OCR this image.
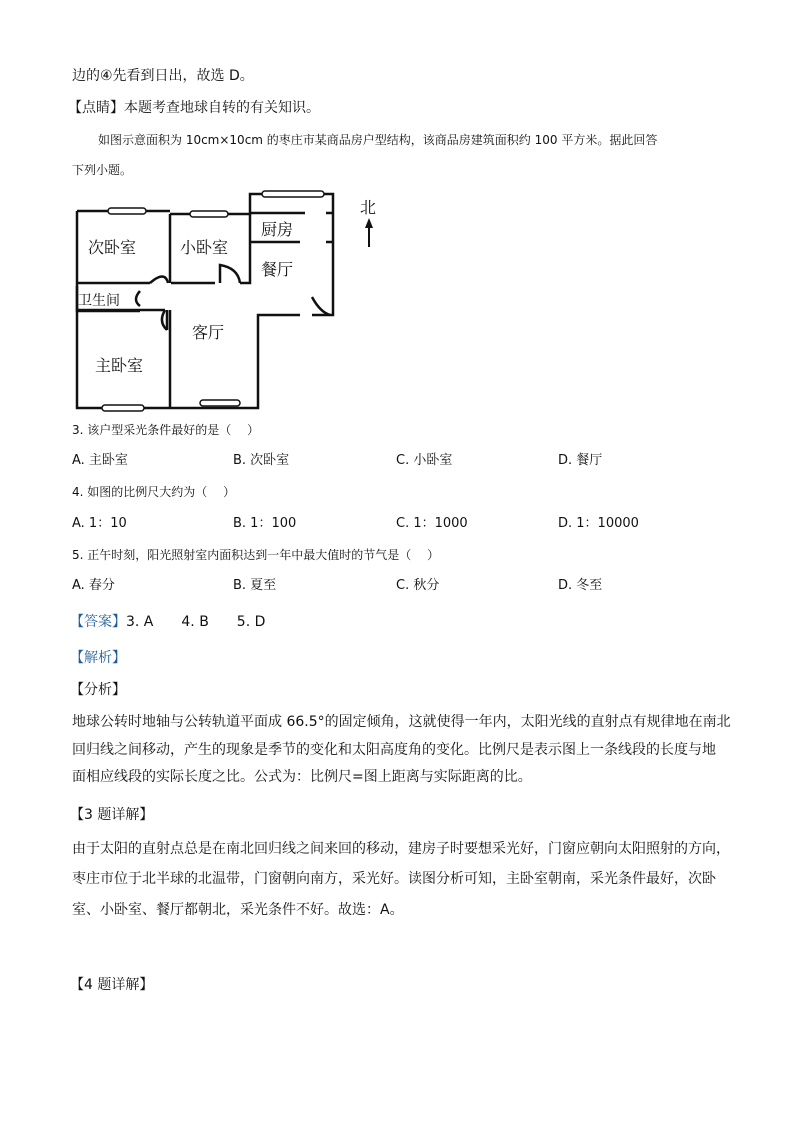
边的④先看到日出，故选 D。
【点睛】本题考查地球自转的有关知识。
如图示意面积为 10cm×10cm 的枣庄市某商品房户型结构，该商品房建筑面积约 100 平方米。据此回答
下列小题。
次卧室	小卧室
厨房
餐厅
卫生间
客厅
主卧室
北
3. 该户型采光条件最好的是（　 ）
A. 主卧室	B. 次卧室	C. 小卧室	D. 餐厅
4. 如图的比例尺大约为（　 ）
A. 1：10	B. 1：100	C. 1：1000	D. 1：10000
5. 正午时刻，阳光照射室内面积达到一年中最大值时的节气是（　 ）
A. 春分	B. 夏至	C. 秋分	D. 冬至
【答案】3. A　　4. B　　5. D
【解析】
【分析】
地球公转时地轴与公转轨道平面成 66.5°的固定倾角，这就使得一年内，太阳光线的直射点有规律地在南北
回归线之间移动，产生的现象是季节的变化和太阳高度角的变化。比例尺是表示图上一条线段的长度与地
面相应线段的实际长度之比。公式为：比例尺=图上距离与实际距离的比。
【3 题详解】
由于太阳的直射点总是在南北回归线之间来回的移动，建房子时要想采光好，门窗应朝向太阳照射的方向，
枣庄市位于北半球的北温带，门窗朝向南方，采光好。读图分析可知，主卧室朝南，采光条件最好，次卧
室、小卧室、餐厅都朝北，采光条件不好。故选：A。
【4 题详解】
